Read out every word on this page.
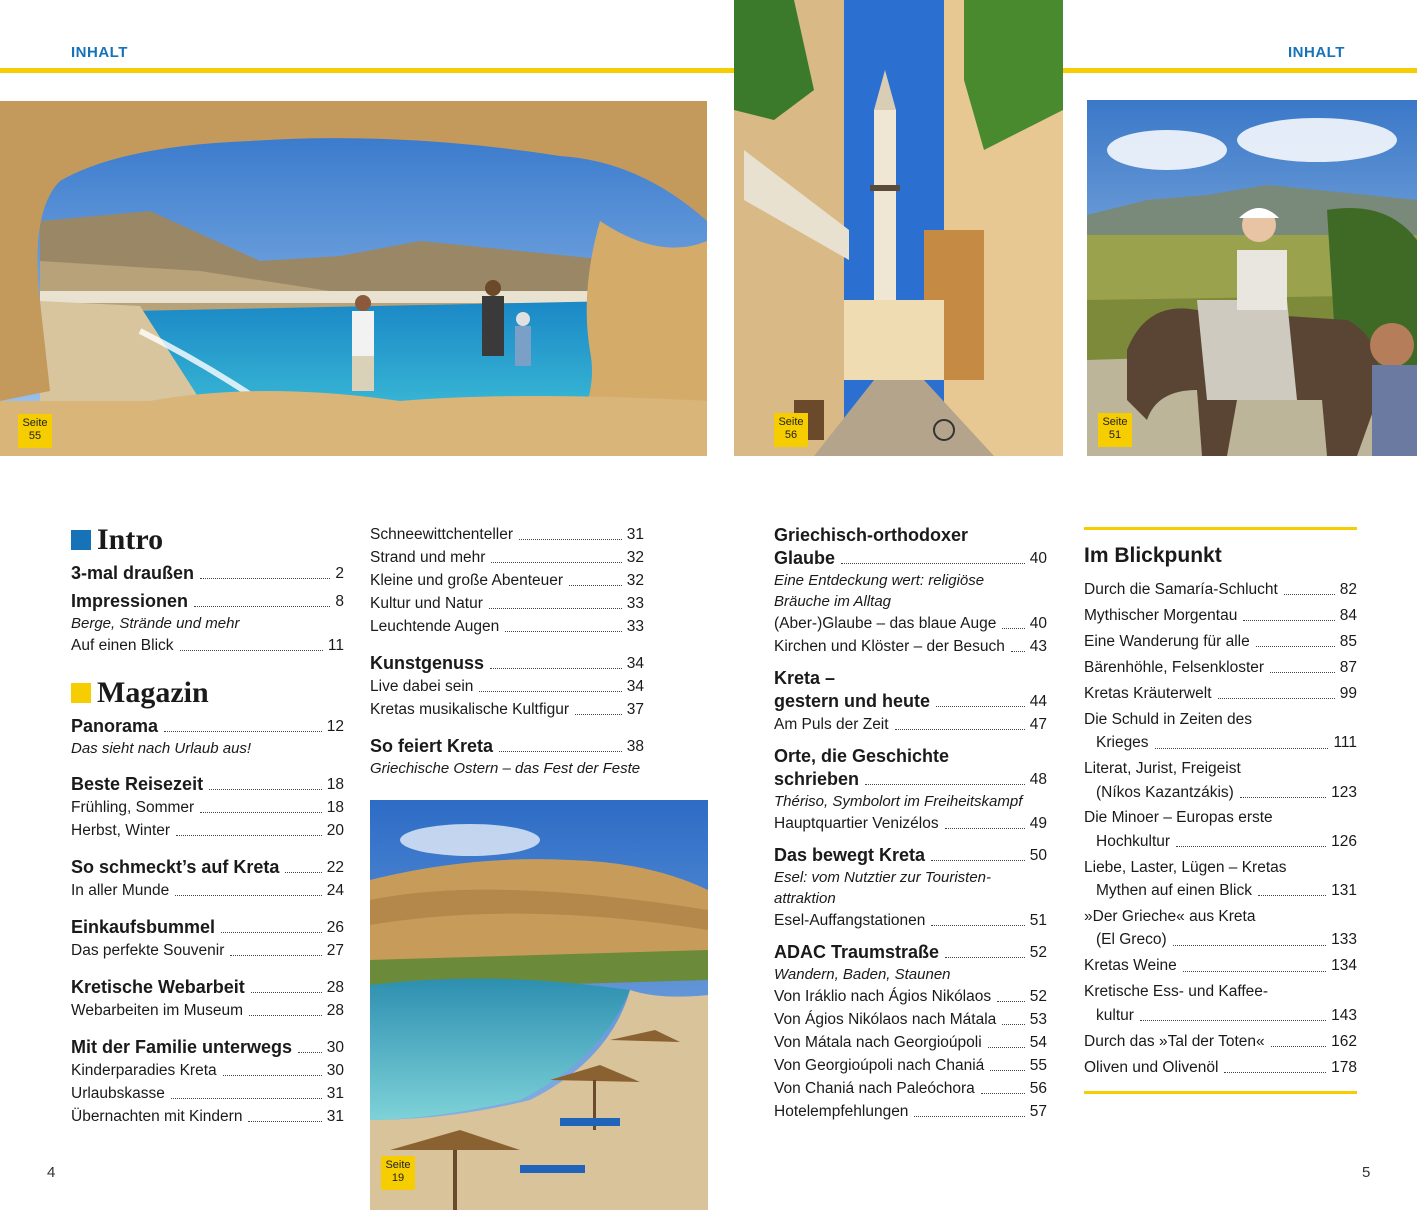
INHALT	INHALT
Seite
55
Seite
56
Seite
51
Seite
19
Intro
3-mal draußen	2
Impressionen	8
Berge, Strände und mehr
Auf einen Blick	11
Magazin
Panorama	12
Das sieht nach Urlaub aus!
Beste Reisezeit	18
Frühling, Sommer	18
Herbst, Winter	20
So schmeckt’s auf Kreta	22
In aller Munde	24
Einkaufsbummel	26
Das perfekte Souvenir	27
Kretische Webarbeit	28
Webarbeiten im Museum	28
Mit der Familie unterwegs 30
Kinderparadies Kreta	30
Urlaubskasse	31
Übernachten mit Kindern	31
Schneewittchenteller	31
Strand und mehr	32
Kleine und große Abenteuer	32
Kultur und Natur	33
Leuchtende Augen	33
Kunstgenuss	34
Live dabei sein	34
Kretas musikalische Kultfigur	37
So feiert Kreta	38
Griechische Ostern – das Fest der Feste
Griechisch-orthodoxer
Glaube	40
Eine Entdeckung wert: religiöse
Bräuche im Alltag
(Aber-)Glaube – das blaue Auge 40
Kirchen und Klöster – der Besuch 43
Kreta –
gestern und heute	44
Am Puls der Zeit	47
Orte, die Geschichte
schrieben	48
Thériso, Symbolort im Freiheitskampf
Hauptquartier Venizélos	49
Das bewegt Kreta	50
Esel: vom Nutztier zur Touristen-
attraktion
Esel-Auffangstationen	51
ADAC Traumstraße	52
Wandern, Baden, Staunen
Von Iráklio nach Ágios Nikólaos 52
Von Ágios Nikólaos nach Mátala 53
Von Mátala nach Georgioúpoli	54
Von Georgioúpoli nach Chaniá	55
Von Chaniá nach Paleóchora	56
Hotelempfehlungen	57
Im Blickpunkt
Durch die Samaría-Schlucht	82
Mythischer Morgentau	84
Eine Wanderung für alle	85
Bärenhöhle, Felsenkloster	87
Kretas Kräuterwelt	99
Die Schuld in Zeiten des
Krieges	111
Literat, Jurist, Freigeist
(Níkos Kazantzákis)	123
Die Minoer – Europas erste
Hochkultur	126
Liebe, Laster, Lügen – Kretas
Mythen auf einen Blick	131
»Der Grieche« aus Kreta
(El Greco)	133
Kretas Weine	134
Kretische Ess- und Kaffee-
kultur	143
Durch das »Tal der Toten«	162
Oliven und Olivenöl	178
4	5
